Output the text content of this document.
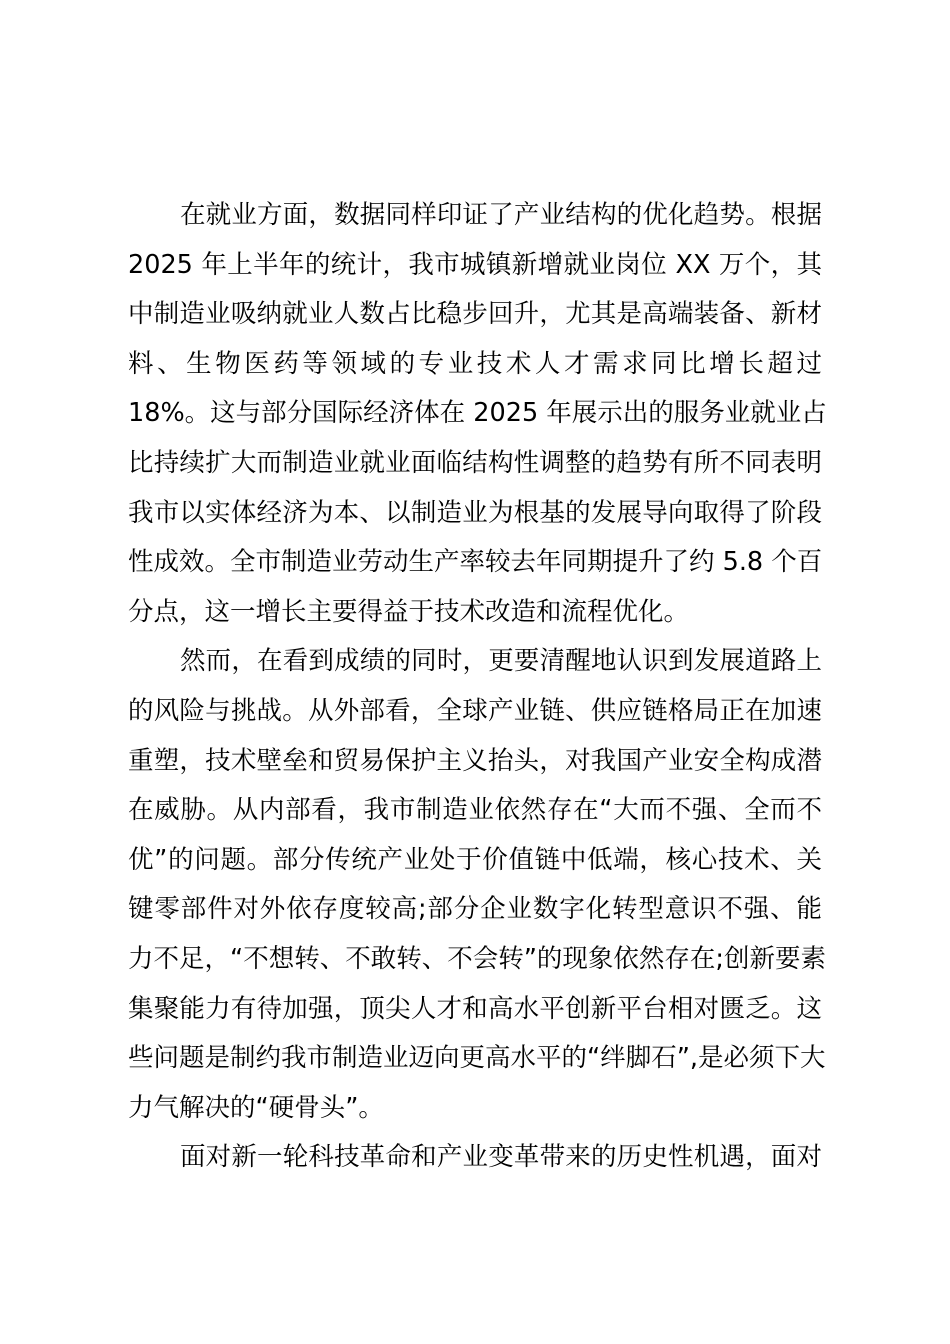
在就业方面，数据同样印证了产业结构的优化趋势。根据
2025 年上半年的统计，我市城镇新增就业岗位 XX 万个，其
中制造业吸纳就业人数占比稳步回升，尤其是高端装备、新材
料、生物医药等领域的专业技术人才需求同比增长超过
18%。这与部分国际经济体在 2025 年展示出的服务业就业占
比持续扩大而制造业就业面临结构性调整的趋势有所不同表明
我市以实体经济为本、以制造业为根基的发展导向取得了阶段
性成效。全市制造业劳动生产率较去年同期提升了约 5.8 个百
分点，这一增长主要得益于技术改造和流程优化。
然而，在看到成绩的同时，更要清醒地认识到发展道路上
的风险与挑战。从外部看，全球产业链、供应链格局正在加速
重塑，技术壁垒和贸易保护主义抬头，对我国产业安全构成潜
在威胁。从内部看，我市制造业依然存在“大而不强、全而不
优”的问题。部分传统产业处于价值链中低端，核心技术、关
键零部件对外依存度较高;部分企业数字化转型意识不强、能
力不足，“不想转、不敢转、不会转”的现象依然存在;创新要素
集聚能力有待加强，顶尖人才和高水平创新平台相对匮乏。这
些问题是制约我市制造业迈向更高水平的“绊脚石”,是必须下大
力气解决的“硬骨头”。
面对新一轮科技革命和产业变革带来的历史性机遇，面对
